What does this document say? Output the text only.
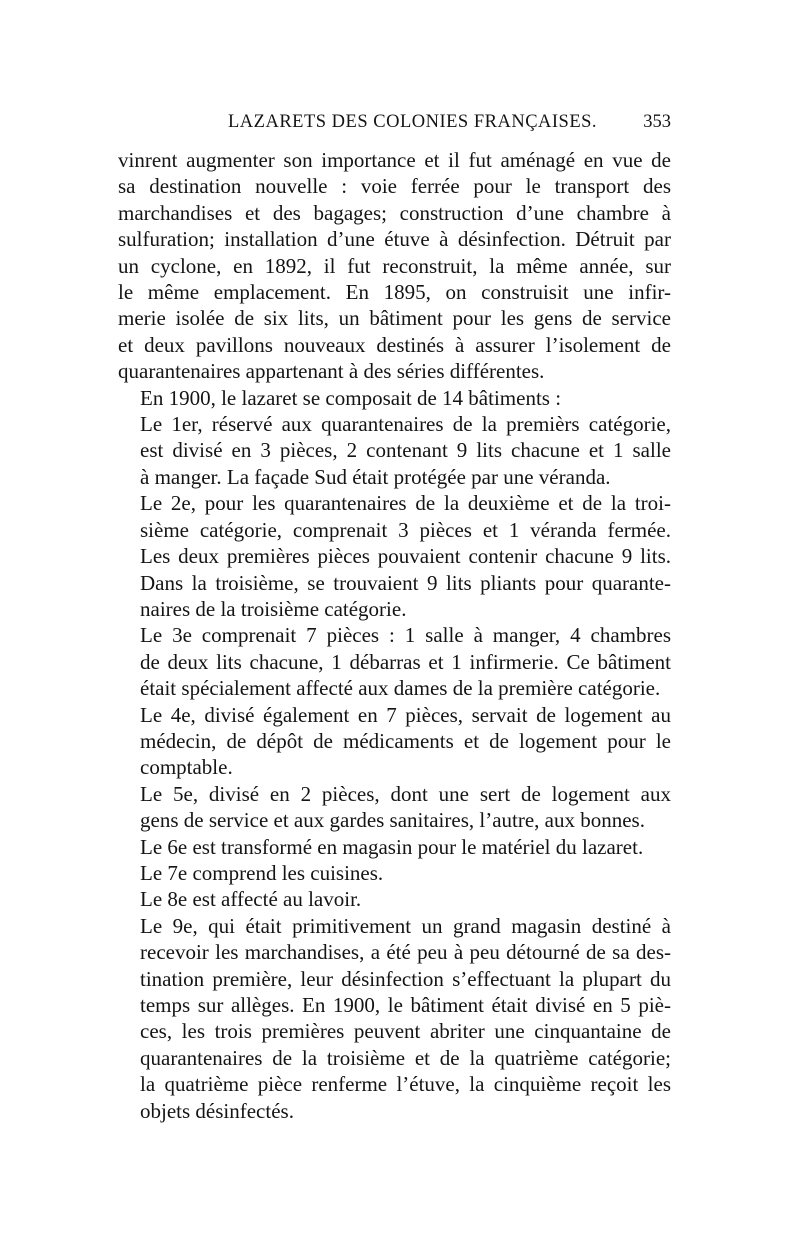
LAZARETS DES COLONIES FRANÇAISES. 353
vinrent augmenter son importance et il fut aménagé en vue de
sa destination nouvelle : voie ferrée pour le transport des
marchandises et des bagages; construction d’une chambre à
sulfuration; installation d’une étuve à désinfection. Détruit par
un cyclone, en 1892, il fut reconstruit, la même année, sur
le même emplacement. En 1895, on construisit une infir-
merie isolée de six lits, un bâtiment pour les gens de service
et deux pavillons nouveaux destinés à assurer l’isolement de
quarantenaires appartenant à des séries différentes.
En 1900, le lazaret se composait de 14 bâtiments :
Le 1er, réservé aux quarantenaires de la premièrs catégorie,
est divisé en 3 pièces, 2 contenant 9 lits chacune et 1 salle
à manger. La façade Sud était protégée par une véranda.
Le 2e, pour les quarantenaires de la deuxième et de la troi-
sième catégorie, comprenait 3 pièces et 1 véranda fermée.
Les deux premières pièces pouvaient contenir chacune 9 lits.
Dans la troisième, se trouvaient 9 lits pliants pour quarante-
naires de la troisième catégorie.
Le 3e comprenait 7 pièces : 1 salle à manger, 4 chambres
de deux lits chacune, 1 débarras et 1 infirmerie. Ce bâtiment
était spécialement affecté aux dames de la première catégorie.
Le 4e, divisé également en 7 pièces, servait de logement au
médecin, de dépôt de médicaments et de logement pour le
comptable.
Le 5e, divisé en 2 pièces, dont une sert de logement aux
gens de service et aux gardes sanitaires, l’autre, aux bonnes.
Le 6e est transformé en magasin pour le matériel du lazaret.
Le 7e comprend les cuisines.
Le 8e est affecté au lavoir.
Le 9e, qui était primitivement un grand magasin destiné à
recevoir les marchandises, a été peu à peu détourné de sa des-
tination première, leur désinfection s’effectuant la plupart du
temps sur allèges. En 1900, le bâtiment était divisé en 5 piè-
ces, les trois premières peuvent abriter une cinquantaine de
quarantenaires de la troisième et de la quatrième catégorie;
la quatrième pièce renferme l’étuve, la cinquième reçoit les
objets désinfectés.
